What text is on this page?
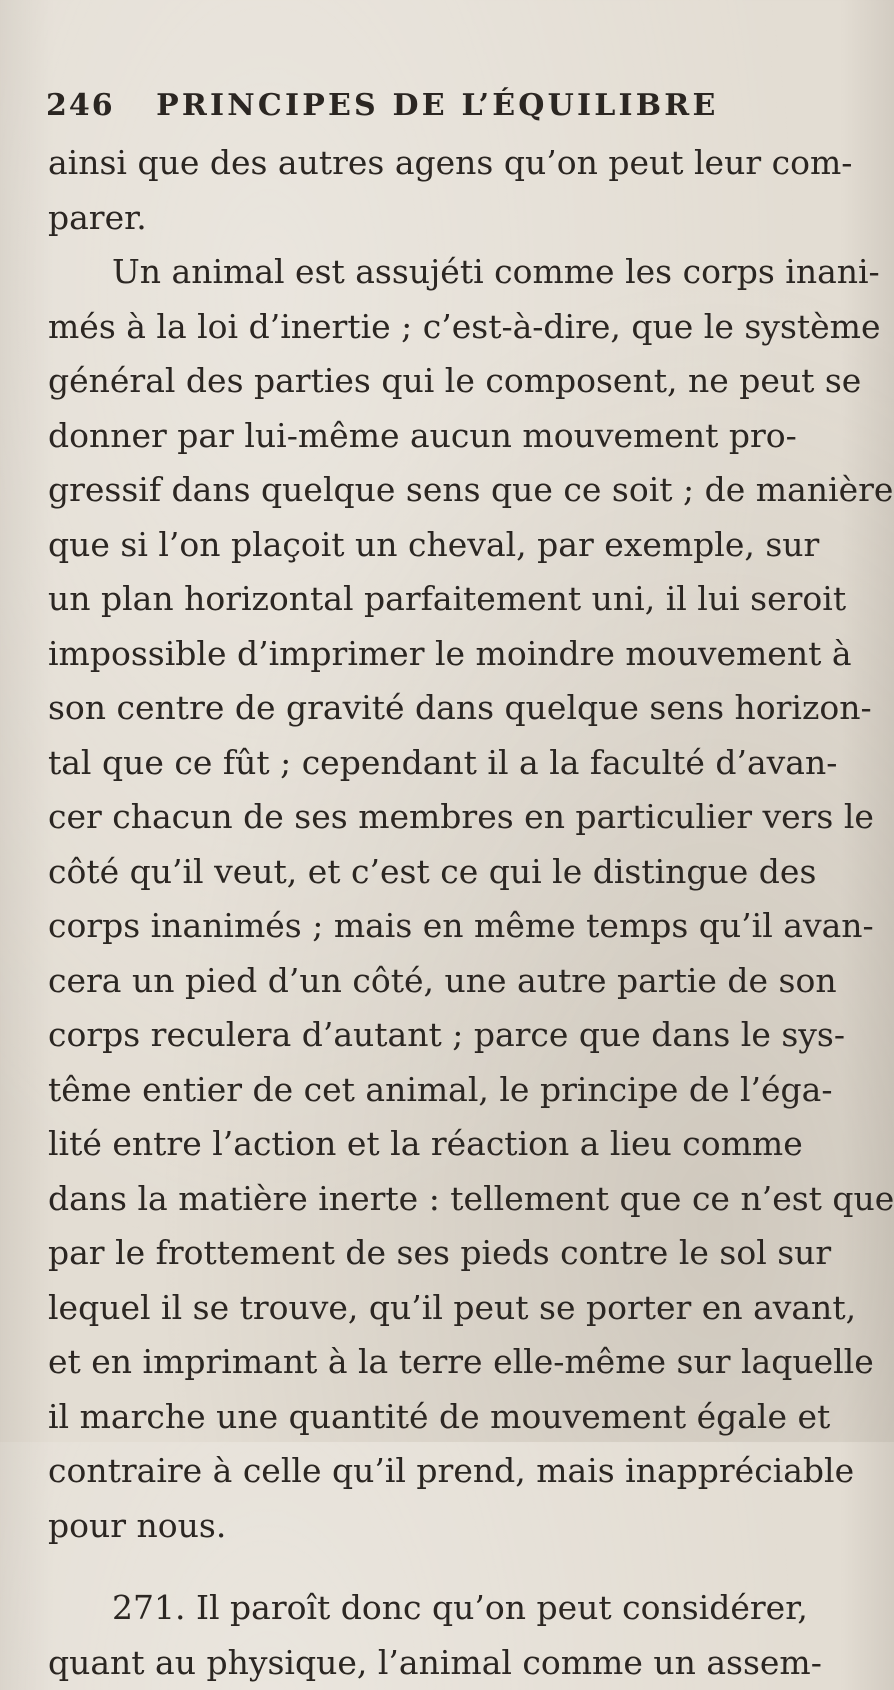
246 PRINCIPES DE L’ÉQUILIBRE
ainsi que des autres agens qu’on peut leur com-
parer.
Un animal est assujéti comme les corps inani-
més à la loi d’inertie ; c’est-à-dire, que le système
général des parties qui le composent, ne peut se
donner par lui-même aucun mouvement pro-
gressif dans quelque sens que ce soit ; de manière
que si l’on plaçoit un cheval, par exemple, sur
un plan horizontal parfaitement uni, il lui seroit
impossible d’imprimer le moindre mouvement à
son centre de gravité dans quelque sens horizon-
tal que ce fût ; cependant il a la faculté d’avan-
cer chacun de ses membres en particulier vers le
côté qu’il veut, et c’est ce qui le distingue des
corps inanimés ; mais en même temps qu’il avan-
cera un pied d’un côté, une autre partie de son
corps reculera d’autant ; parce que dans le sys-
tême entier de cet animal, le principe de l’éga-
lité entre l’action et la réaction a lieu comme
dans la matière inerte : tellement que ce n’est que
par le frottement de ses pieds contre le sol sur
lequel il se trouve, qu’il peut se porter en avant,
et en imprimant à la terre elle-même sur laquelle
il marche une quantité de mouvement égale et
contraire à celle qu’il prend, mais inappréciable
pour nous.
271. Il paroît donc qu’on peut considérer,
quant au physique, l’animal comme un assem-
